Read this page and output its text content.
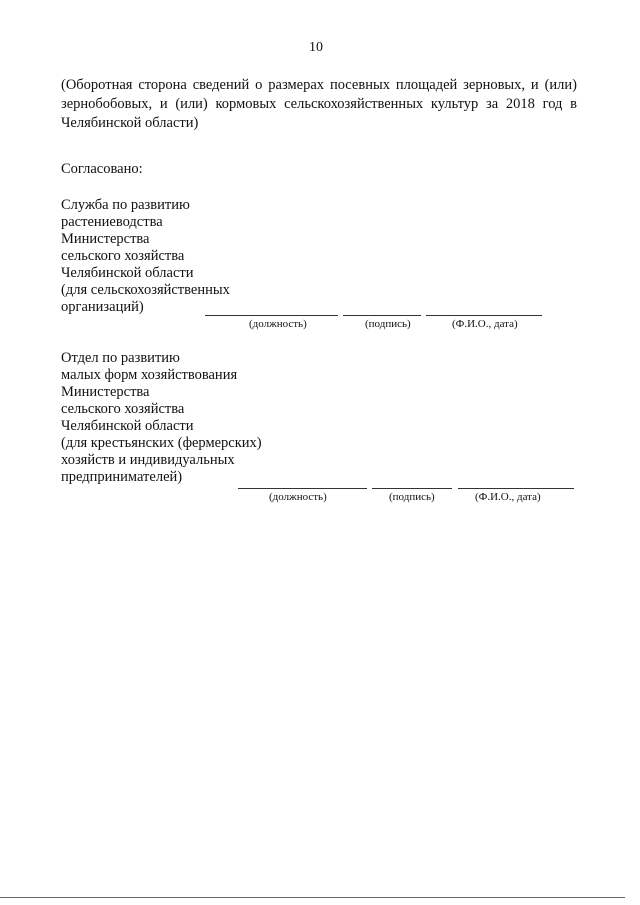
10
(Оборотная сторона сведений о размерах посевных площадей зерновых, и (или)
зернобобовых, и (или) кормовых сельскохозяйственных культур за 2018 год в
Челябинской области)
Согласовано:
Служба по развитию
растениеводства
Министерства
сельского хозяйства
Челябинской области
(для сельскохозяйственных
организаций)
(должность)	(подпись)	(Ф.И.О., дата)
Отдел по развитию
малых форм хозяйствования
Министерства
сельского хозяйства
Челябинской области
(для крестьянских (фермерских)
хозяйств и индивидуальных
предпринимателей)
(должность)	(подпись)	(Ф.И.О., дата)
